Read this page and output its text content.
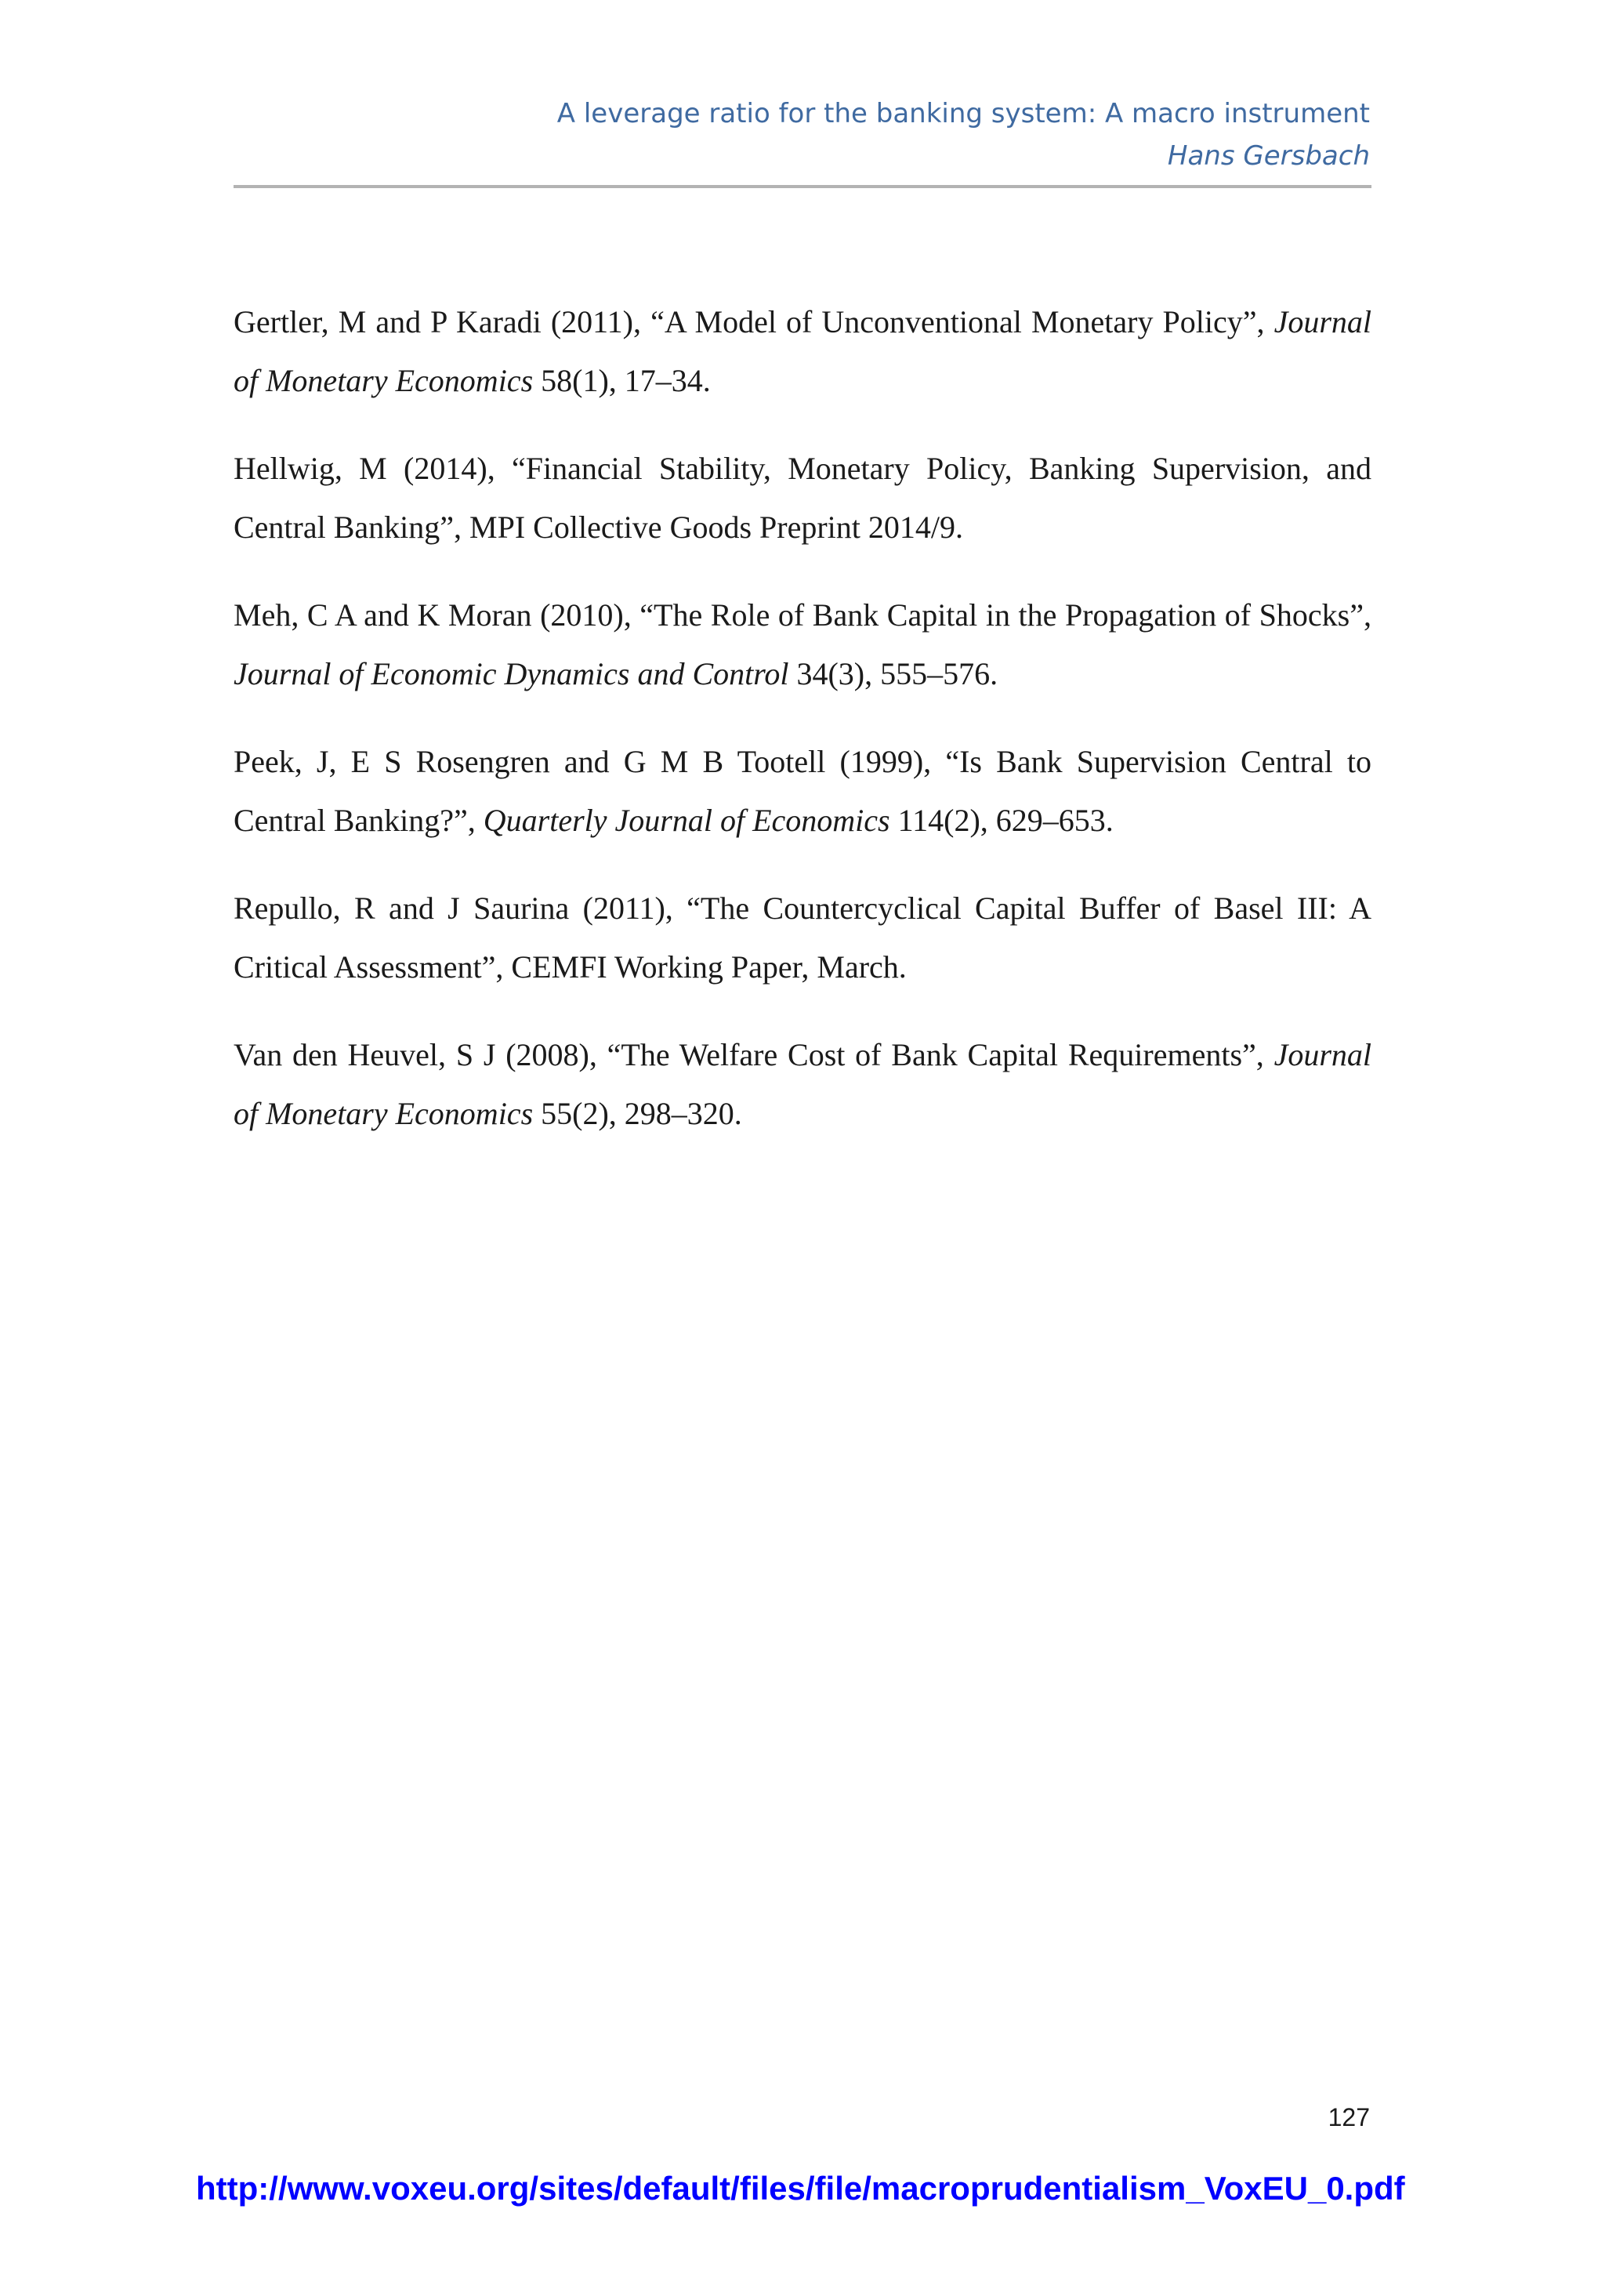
A leverage ratio for the banking system: A macro instrument
Hans Gersbach

Gertler, M and P Karadi (2011), “A Model of Unconventional Monetary Policy”, Journal of Monetary Economics 58(1), 17–34.

Hellwig, M (2014), “Financial Stability, Monetary Policy, Banking Supervision, and Central Banking”, MPI Collective Goods Preprint 2014/9.

Meh, C A and K Moran (2010), “The Role of Bank Capital in the Propagation of Shocks”, Journal of Economic Dynamics and Control 34(3), 555–576.

Peek, J, E S Rosengren and G M B Tootell (1999), “Is Bank Supervision Central to Central Banking?”, Quarterly Journal of Economics 114(2), 629–653.

Repullo, R and J Saurina (2011), “The Countercyclical Capital Buffer of Basel III: A Critical Assessment”, CEMFI Working Paper, March.

Van den Heuvel, S J (2008), “The Welfare Cost of Bank Capital Requirements”, Journal of Monetary Economics 55(2), 298–320.

127
http://www.voxeu.org/sites/default/files/file/macroprudentialism_VoxEU_0.pdf
